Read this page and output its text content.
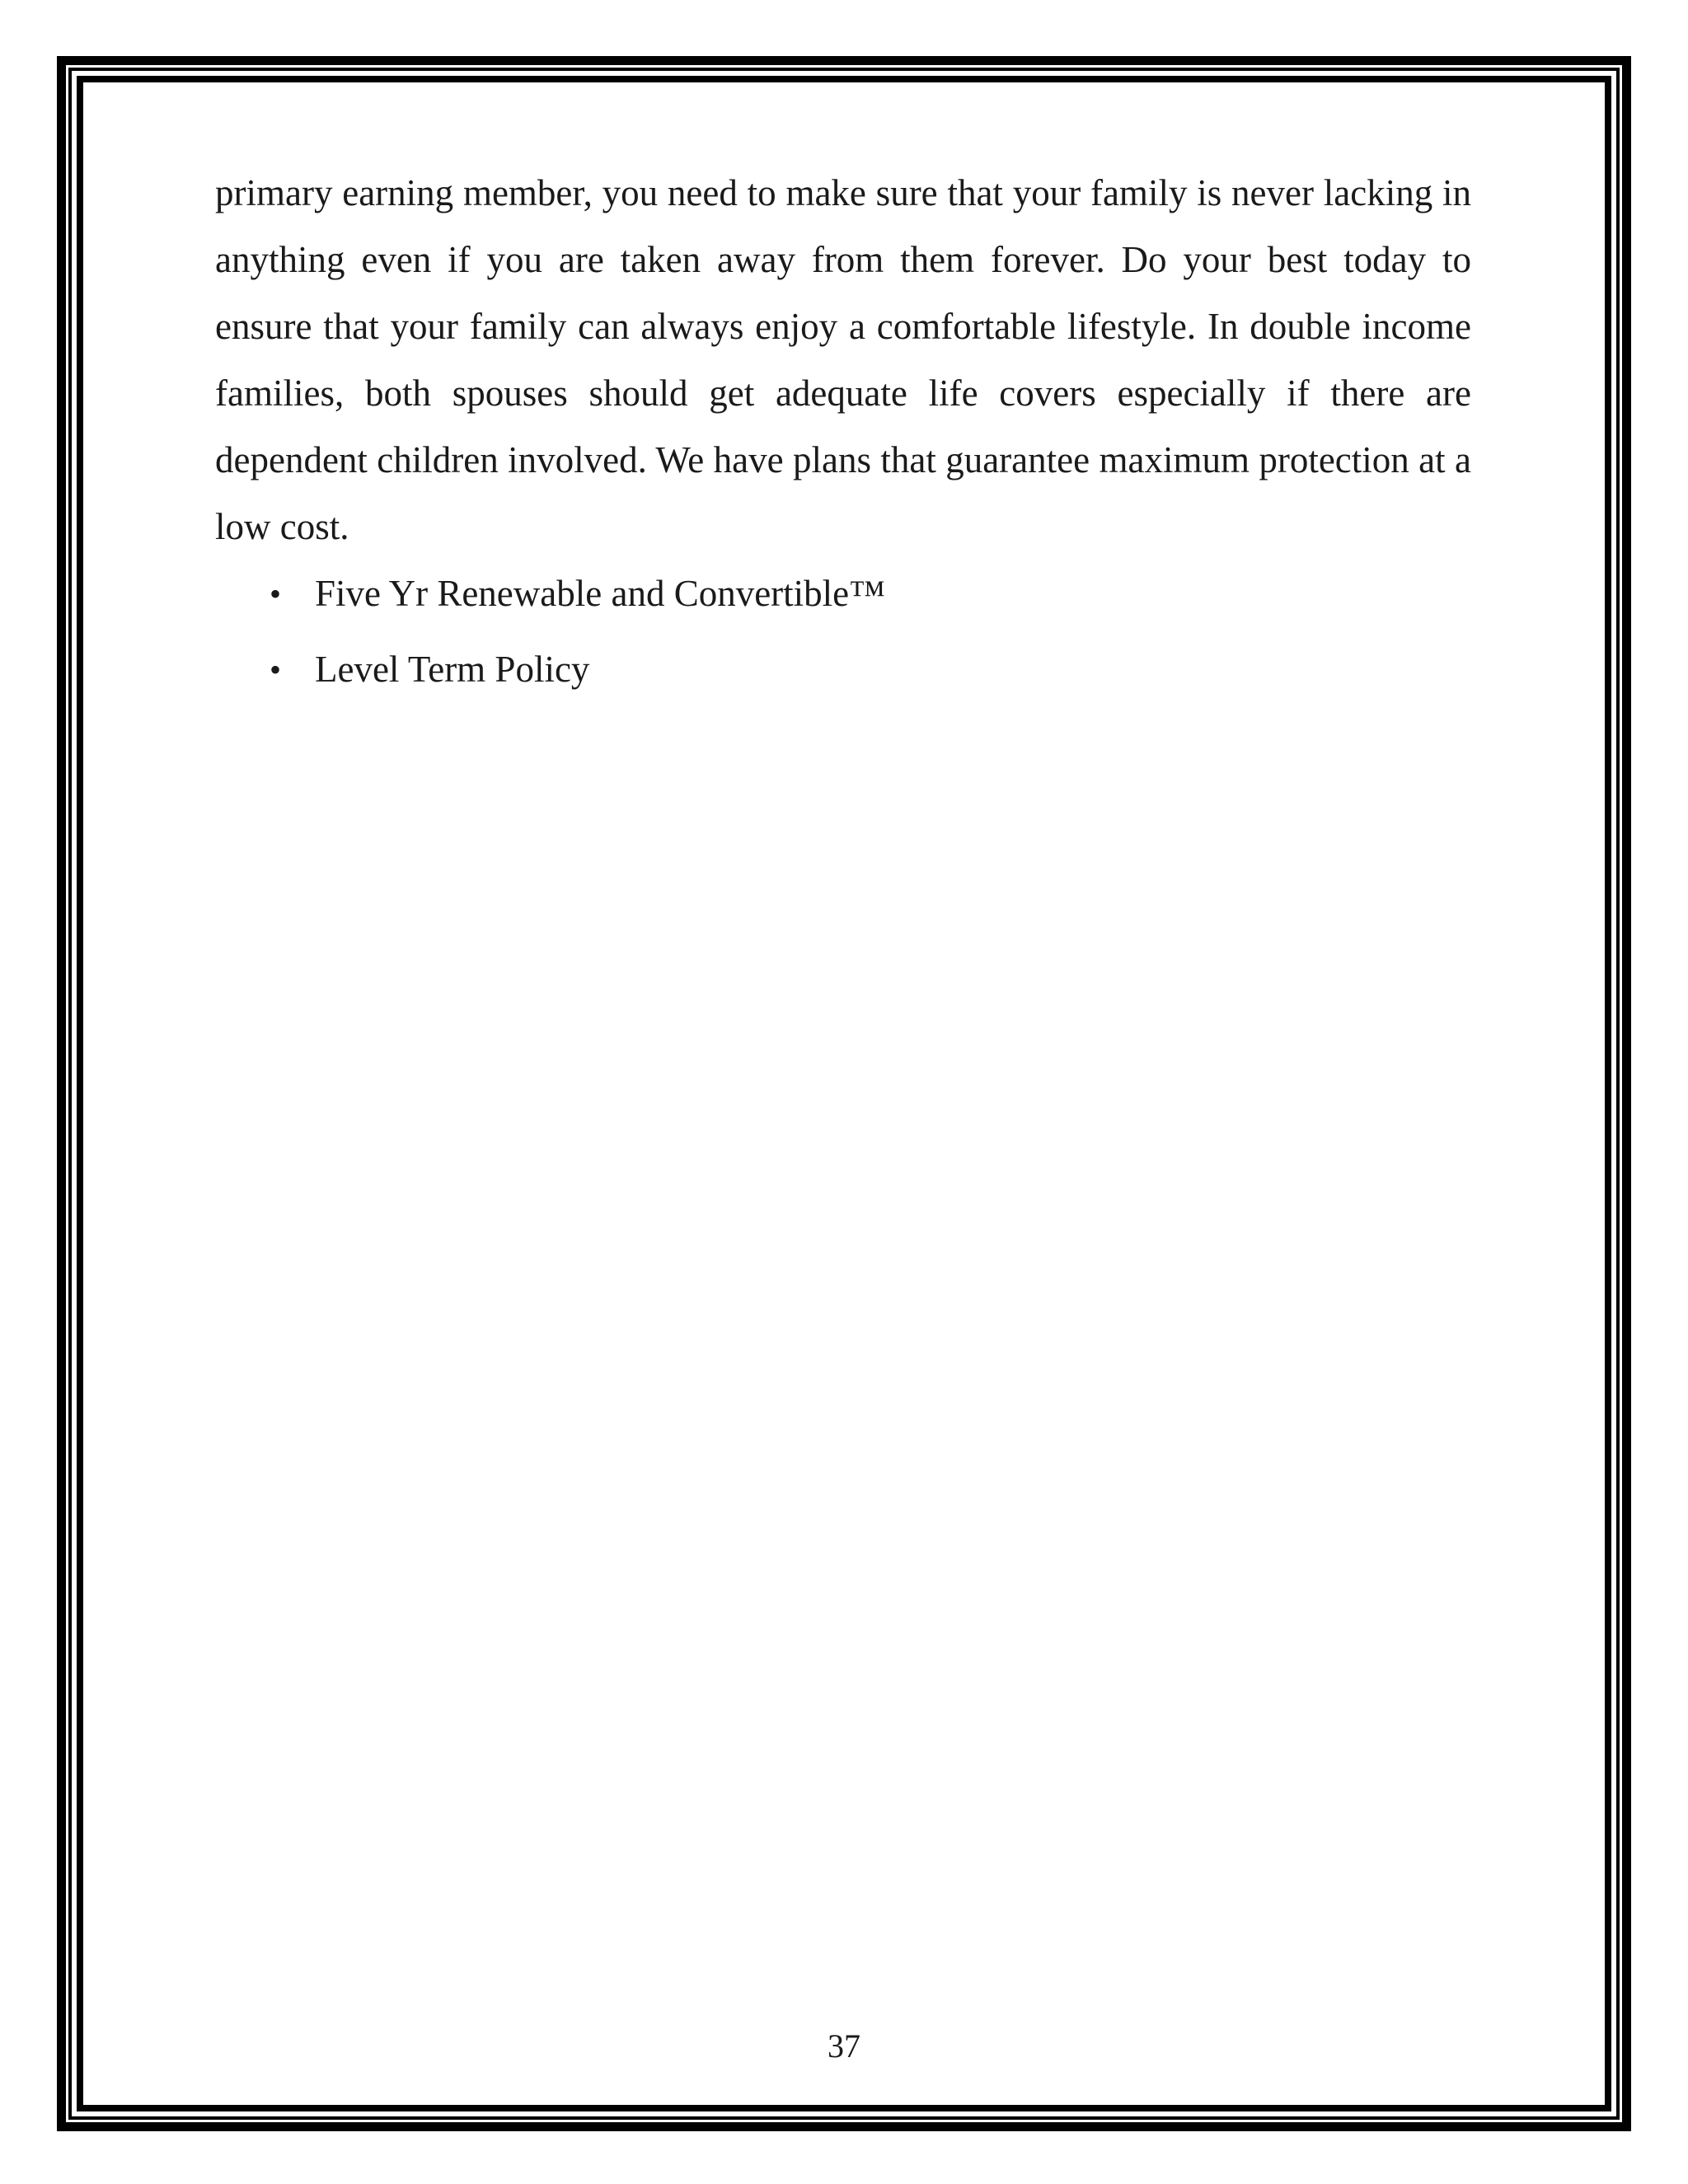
primary earning member, you need to make sure that your family is never lacking in anything even if you are taken away from them forever. Do your best today to ensure that your family can always enjoy a comfortable lifestyle. In double income families, both spouses should get adequate life covers especially if there are dependent children involved. We have plans that guarantee maximum protection at a low cost.

• Five Yr Renewable and Convertible™
• Level Term Policy
37
